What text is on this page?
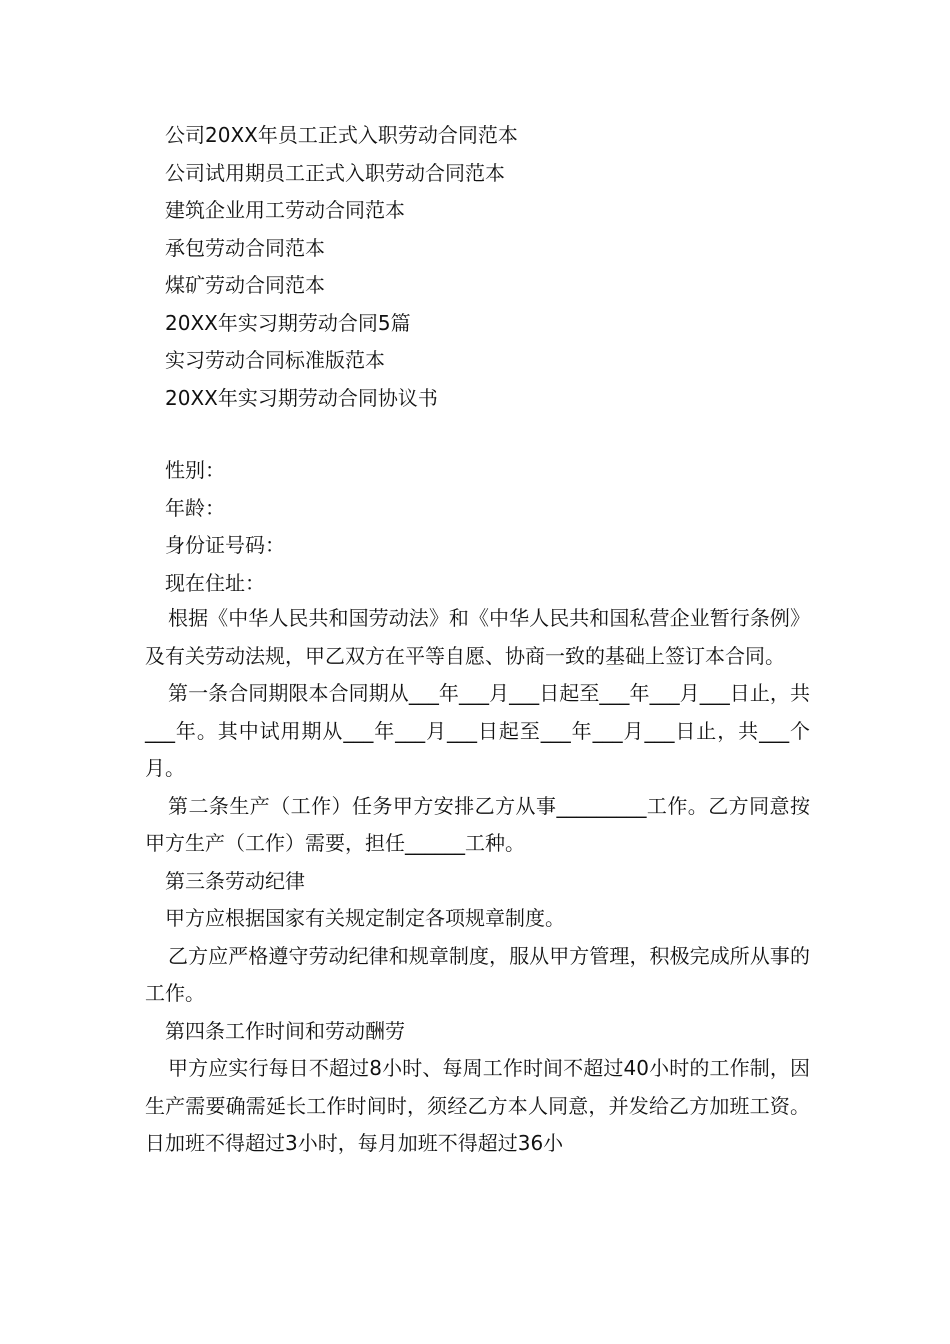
公司20XX年员工正式入职劳动合同范本
公司试用期员工正式入职劳动合同范本
建筑企业用工劳动合同范本
承包劳动合同范本
煤矿劳动合同范本
20XX年实习期劳动合同5篇
实习劳动合同标准版范本
20XX年实习期劳动合同协议书
性别：
年龄：
身份证号码：
现在住址：

根据《中华人民共和国劳动法》和《中华人民共和国私营企业暂行条例》及有关劳动法规，甲乙双方在平等自愿、协商一致的基础上签订本合同。

第一条合同期限本合同期从___年___月___日起至___年___月___日止，共___年。其中试用期从___年___月___日起至___年___月___日止，共___个月。

第二条生产（工作）任务甲方安排乙方从事_________工作。乙方同意按甲方生产（工作）需要，担任______工种。

第三条劳动纪律

甲方应根据国家有关规定制定各项规章制度。

乙方应严格遵守劳动纪律和规章制度，服从甲方管理，积极完成所从事的工作。

第四条工作时间和劳动酬劳

甲方应实行每日不超过8小时、每周工作时间不超过40小时的工作制，因生产需要确需延长工作时间时，须经乙方本人同意，并发给乙方加班工资。日加班不得超过3小时，每月加班不得超过36小
